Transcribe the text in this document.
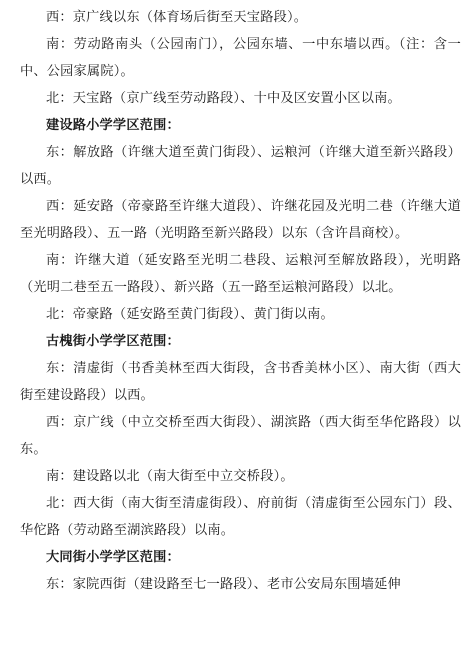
西：京广线以东（体育场后街至天宝路段）。

南：劳动路南头（公园南门），公园东墙、一中东墙以西。（注：含一中、公园家属院）。

北：天宝路（京广线至劳动路段）、十中及区安置小区以南。

建设路小学学区范围：

东：解放路（许继大道至黄门街段）、运粮河（许继大道至新兴路段）以西。

西：延安路（帝豪路至许继大道段）、许继花园及光明二巷（许继大道至光明路段）、五一路（光明路至新兴路段）以东（含许昌商校）。

南：许继大道（延安路至光明二巷段、运粮河至解放路段），光明路（光明二巷至五一路段）、新兴路（五一路至运粮河路段）以北。

北：帝豪路（延安路至黄门街段）、黄门街以南。

古槐街小学学区范围：

东：清虚街（书香美林至西大街段，含书香美林小区）、南大街（西大街至建设路段）以西。

西：京广线（中立交桥至西大街段）、湖滨路（西大街至华佗路段）以东。

南：建设路以北（南大街至中立交桥段）。

北：西大街（南大街至清虚街段）、府前街（清虚街至公园东门）段、华佗路（劳动路至湖滨路段）以南。

大同街小学学区范围：

东：家院西街（建设路至七一路段）、老市公安局东围墙延伸
